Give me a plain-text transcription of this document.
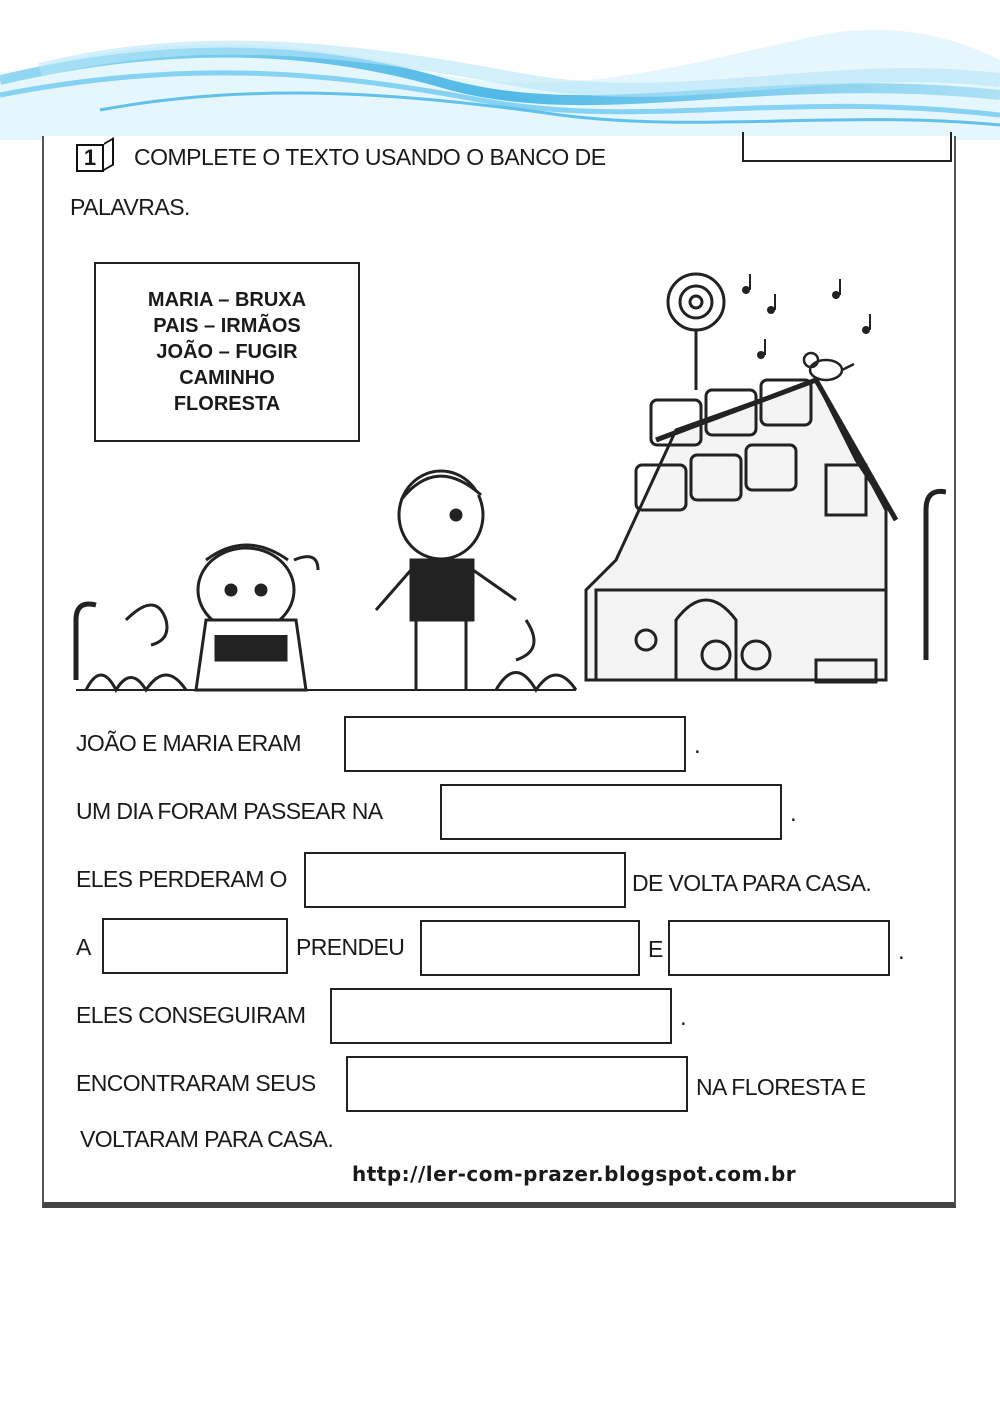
1	COMPLETE O TEXTO USANDO O BANCO DE
PALAVRAS.
MARIA – BRUXA
PAIS – IRMÃOS
JOÃO – FUGIR
CAMINHO
FLORESTA
JOÃO E MARIA ERAM	.
UM DIA FORAM PASSEAR NA	.
ELES PERDERAM O	DE VOLTA PARA CASA.
A	PRENDEU	E	.
ELES CONSEGUIRAM	.
ENCONTRARAM SEUS	NA FLORESTA E
VOLTARAM PARA CASA.
http://ler-com-prazer.blogspot.com.br
